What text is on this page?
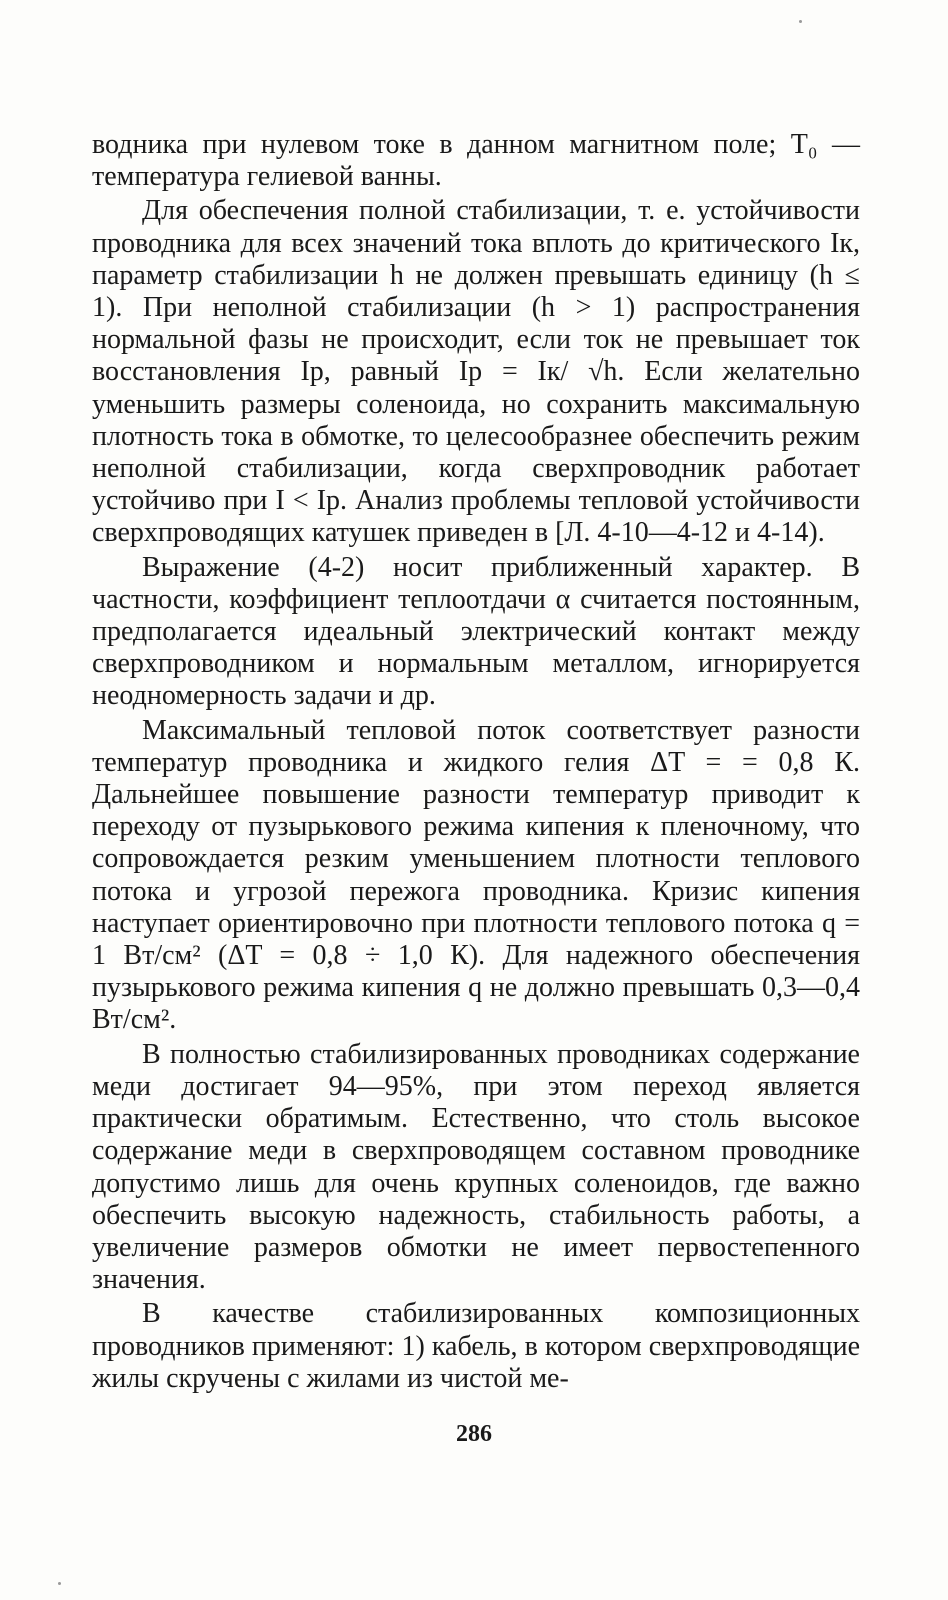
водника при нулевом токе в данном магнитном поле; T₀ — температура гелиевой ванны.

Для обеспечения полной стабилизации, т. е. устойчивости проводника для всех значений тока вплоть до критического Iк, параметр стабилизации h не должен превышать единицу (h ≤ 1). При неполной стабилизации (h > 1) распространения нормальной фазы не происходит, если ток не превышает ток восстановления Iр, равный Iр = Iк/ √h. Если желательно уменьшить размеры соленоида, но сохранить максимальную плотность тока в обмотке, то целесообразнее обеспечить режим неполной стабилизации, когда сверхпроводник работает устойчиво при I < Iр. Анализ проблемы тепловой устойчивости сверхпроводящих катушек приведен в [Л. 4-10—4-12 и 4-14).

Выражение (4-2) носит приближенный характер. В частности, коэффициент теплоотдачи α считается постоянным, предполагается идеальный электрический контакт между сверхпроводником и нормальным металлом, игнорируется неодномерность задачи и др.

Максимальный тепловой поток соответствует разности температур проводника и жидкого гелия ΔT = = 0,8 К. Дальнейшее повышение разности температур приводит к переходу от пузырькового режима кипения к пленочному, что сопровождается резким уменьшением плотности теплового потока и угрозой пережога проводника. Кризис кипения наступает ориентировочно при плотности теплового потока q = 1 Вт/см² (ΔT = 0,8 ÷ 1,0 К). Для надежного обеспечения пузырькового режима кипения q не должно превышать 0,3—0,4 Вт/см².

В полностью стабилизированных проводниках содержание меди достигает 94—95%, при этом переход является практически обратимым. Естественно, что столь высокое содержание меди в сверхпроводящем составном проводнике допустимо лишь для очень крупных соленоидов, где важно обеспечить высокую надежность, стабильность работы, а увеличение размеров обмотки не имеет первостепенного значения.

В качестве стабилизированных композиционных проводников применяют: 1) кабель, в котором сверхпроводящие жилы скручены с жилами из чистой ме-

286
